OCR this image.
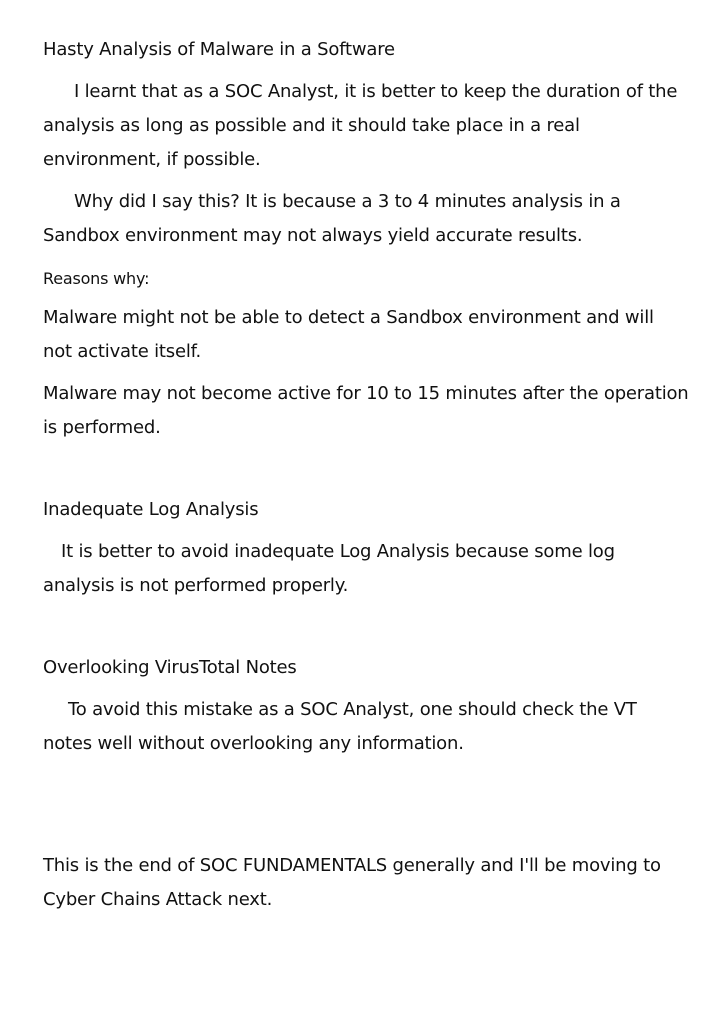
Hasty Analysis of Malware in a Software

I learnt that as a SOC Analyst, it is better to keep the duration of the

analysis as long as possible and it should take place in a real

environment, if possible.

Why did I say this? It is because a 3 to 4 minutes analysis in a

Sandbox environment may not always yield accurate results.

Reasons why:

Malware might not be able to detect a Sandbox environment and will

not activate itself.

Malware may not become active for 10 to 15 minutes after the operation

is performed.

Inadequate Log Analysis

It is better to avoid inadequate Log Analysis because some log

analysis is not performed properly.

Overlooking VirusTotal Notes

To avoid this mistake as a SOC Analyst, one should check the VT

notes well without overlooking any information.

This is the end of SOC FUNDAMENTALS generally and I'll be moving to

Cyber Chains Attack next.
